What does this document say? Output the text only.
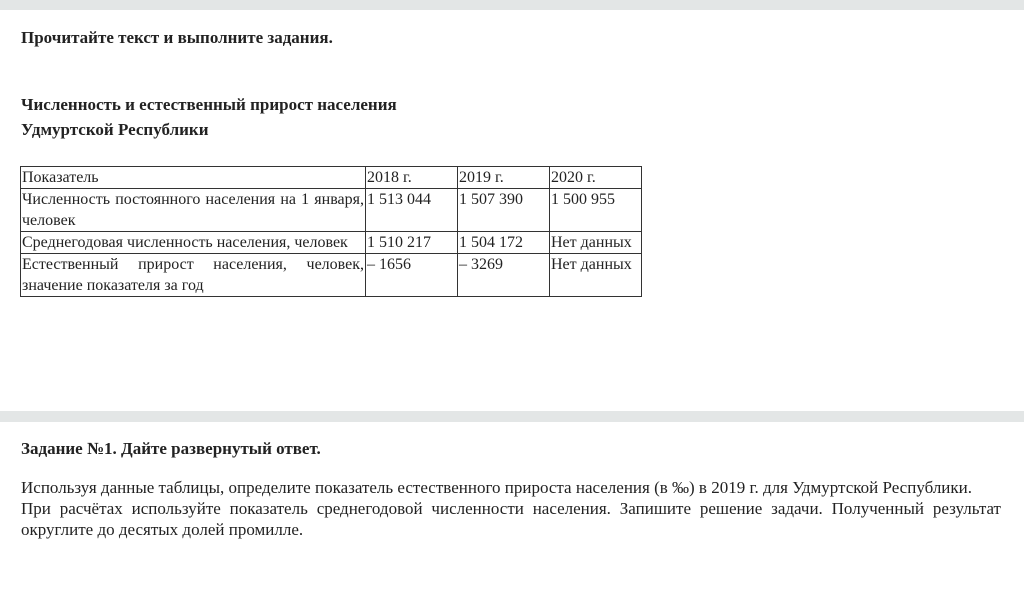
Прочитайте текст и выполните задания.

Численность и естественный прирост населения
Удмуртской Республики
Показатель	2018 г.	2019 г.	2020 г.
Численность постоянного населения на 1 января, человек	1 513 044	1 507 390	1 500 955
Среднегодовая численность населения, человек	1 510 217	1 504 172	Нет данных
Естественный прирост населения, человек, значение показателя за год	– 1656	– 3269	Нет данных

Задание №1. Дайте развернутый ответ.

Используя данные таблицы, определите показатель естественного прироста населения (в ‰) в 2019 г. для Удмуртской Республики.

При расчётах используйте показатель среднегодовой численности населения. Запишите решение задачи. Полученный результат округлите до десятых долей промилле.
